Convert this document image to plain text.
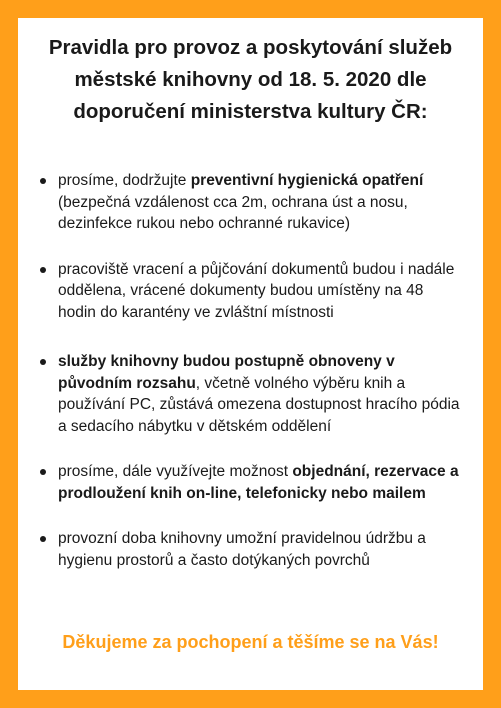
Pravidla pro provoz a poskytování služeb
městské knihovny od 18. 5. 2020 dle
doporučení ministerstva kultury ČR:
prosíme, dodržujte preventivní hygienická opatření (bezpečná vzdálenost cca 2m, ochrana úst a nosu, dezinfekce rukou nebo ochranné rukavice)
pracoviště vracení a půjčování dokumentů budou i nadále oddělena, vrácené dokumenty budou umístěny na 48 hodin do karantény ve zvláštní místnosti
služby knihovny budou postupně obnoveny v původním rozsahu, včetně volného výběru knih a používání PC, zůstává omezena dostupnost hracího pódia a sedacího nábytku v dětském oddělení
prosíme, dále využívejte možnost objednání, rezervace a prodloužení knih on-line, telefonicky nebo mailem
provozní doba knihovny umožní pravidelnou údržbu a hygienu prostorů a často dotýkaných povrchů

Děkujeme za pochopení a těšíme se na Vás!
